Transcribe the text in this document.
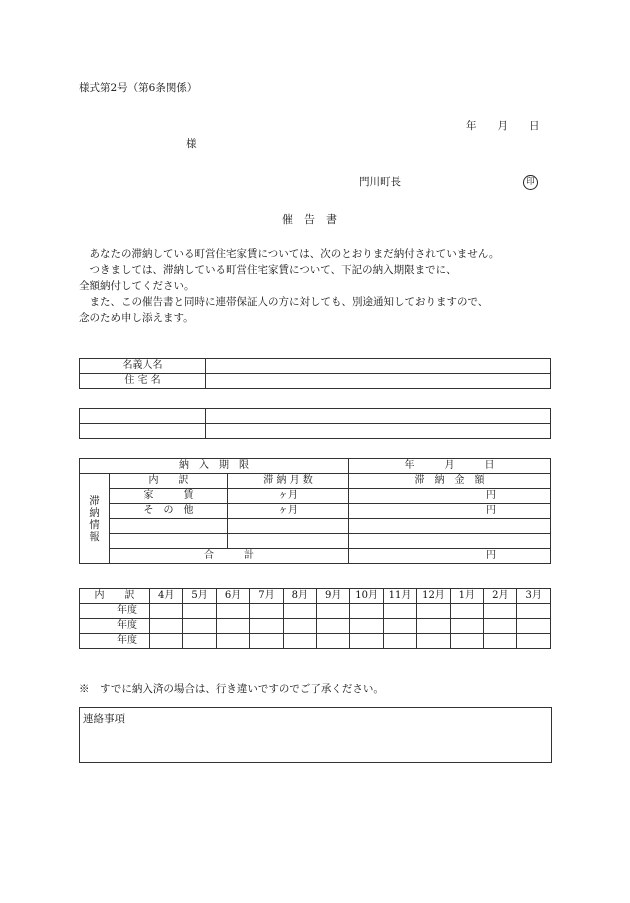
様式第2号（第6条関係）
年　　月　　日
様
門川町長	印
催　告　書

　あなたの滞納している町営住宅家賃については、次のとおりまだ納付されていません。

　つきましては、滞納している町営住宅家賃について、下記の納入期限までに、

全額納付してください。

　また、この催告書と同時に連帯保証人の方に対しても、別途通知しておりますので、

念のため申し添えます。

名義人名	
住 宅 名	

納　入　期　限			年　　　月　　　日

滞納情報	内　　訳	滞 納 月 数	滞　納　金　額
	家　　　賃	ヶ月	円
	そ　の　他	ヶ月	円

	合　　　計		円
内　　訳	4月	5月	6月	7月	8月	9月	10月	11月	12月	1月	2月	3月
年度												
年度												
年度												
※　すでに納入済の場合は、行き違いですのでご了承ください。
連絡事項
